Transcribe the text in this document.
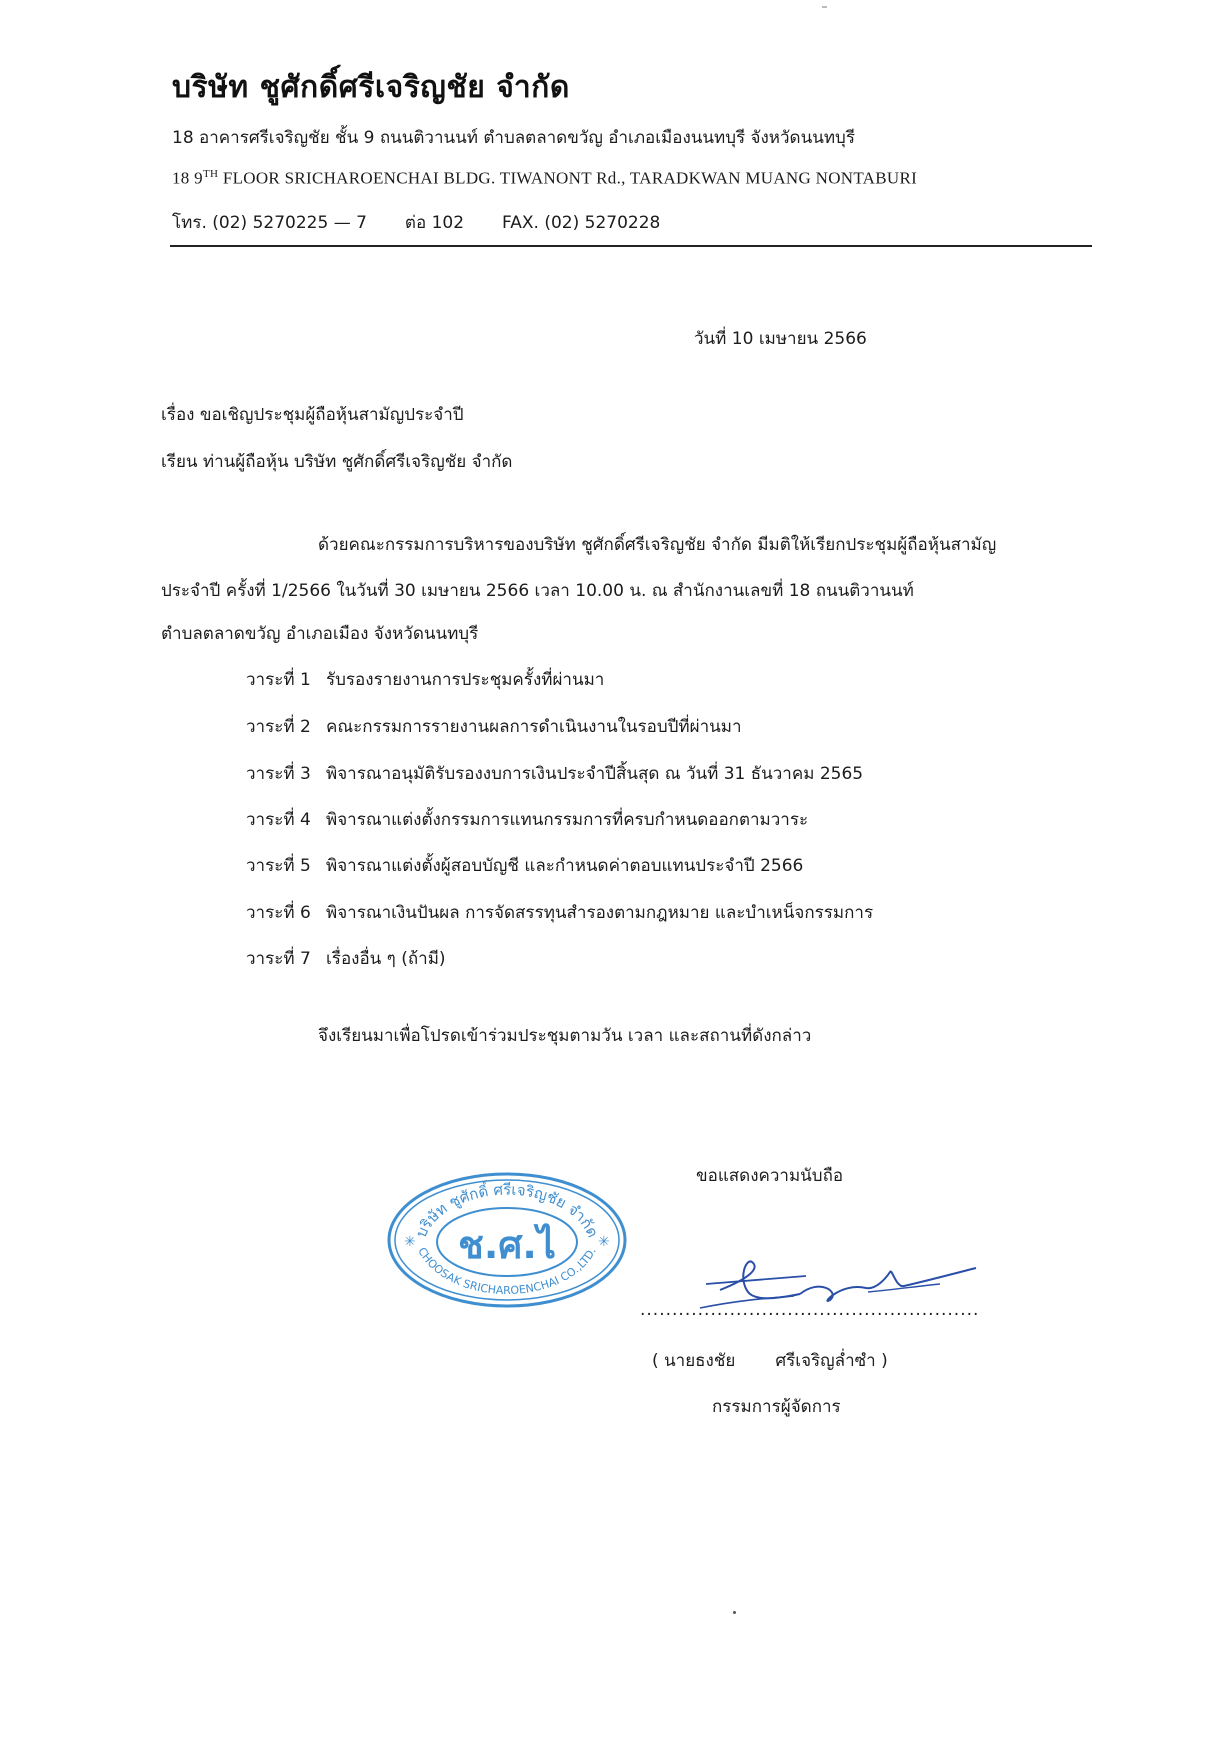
บริษัท ชูศักดิ์ศรีเจริญชัย จำกัด
18 อาคารศรีเจริญชัย ชั้น 9 ถนนติวานนท์ ตำบลตลาดขวัญ อำเภอเมืองนนทบุรี จังหวัดนนทบุรี
18 9TH FLOOR SRICHAROENCHAI BLDG. TIWANONT Rd., TARADKWAN MUANG NONTABURI
โทร. (02) 5270225 — 7 ต่อ 102 FAX. (02) 5270228
วันที่ 10 เมษายน 2566
เรื่อง ขอเชิญประชุมผู้ถือหุ้นสามัญประจำปี
เรียน ท่านผู้ถือหุ้น บริษัท ชูศักดิ์ศรีเจริญชัย จำกัด
ด้วยคณะกรรมการบริหารของบริษัท ชูศักดิ์ศรีเจริญชัย จำกัด มีมติให้เรียกประชุมผู้ถือหุ้นสามัญ
ประจำปี ครั้งที่ 1/2566 ในวันที่ 30 เมษายน 2566 เวลา 10.00 น. ณ สำนักงานเลขที่ 18 ถนนติวานนท์
ตำบลตลาดขวัญ อำเภอเมือง จังหวัดนนทบุรี
วาระที่ 1 รับรองรายงานการประชุมครั้งที่ผ่านมา
วาระที่ 2 คณะกรรมการรายงานผลการดำเนินงานในรอบปีที่ผ่านมา
วาระที่ 3 พิจารณาอนุมัติรับรองงบการเงินประจำปีสิ้นสุด ณ วันที่ 31 ธันวาคม 2565
วาระที่ 4 พิจารณาแต่งตั้งกรรมการแทนกรรมการที่ครบกำหนดออกตามวาระ
วาระที่ 5 พิจารณาแต่งตั้งผู้สอบบัญชี และกำหนดค่าตอบแทนประจำปี 2566
วาระที่ 6 พิจารณาเงินปันผล การจัดสรรทุนสำรองตามกฎหมาย และบำเหน็จกรรมการ
วาระที่ 7 เรื่องอื่น ๆ (ถ้ามี)
จึงเรียนมาเพื่อโปรดเข้าร่วมประชุมตามวัน เวลา และสถานที่ดังกล่าว
ขอแสดงความนับถือ
บริษัท ชูศักดิ์ ศรีเจริญชัย จำกัด
CHOOSAK SRICHAROENCHAI CO.,LTD.
ช.ศ.ไ
✳	✳
.....................................................
( นายธงชัย ศรีเจริญล่ำซำ )
กรรมการผู้จัดการ
